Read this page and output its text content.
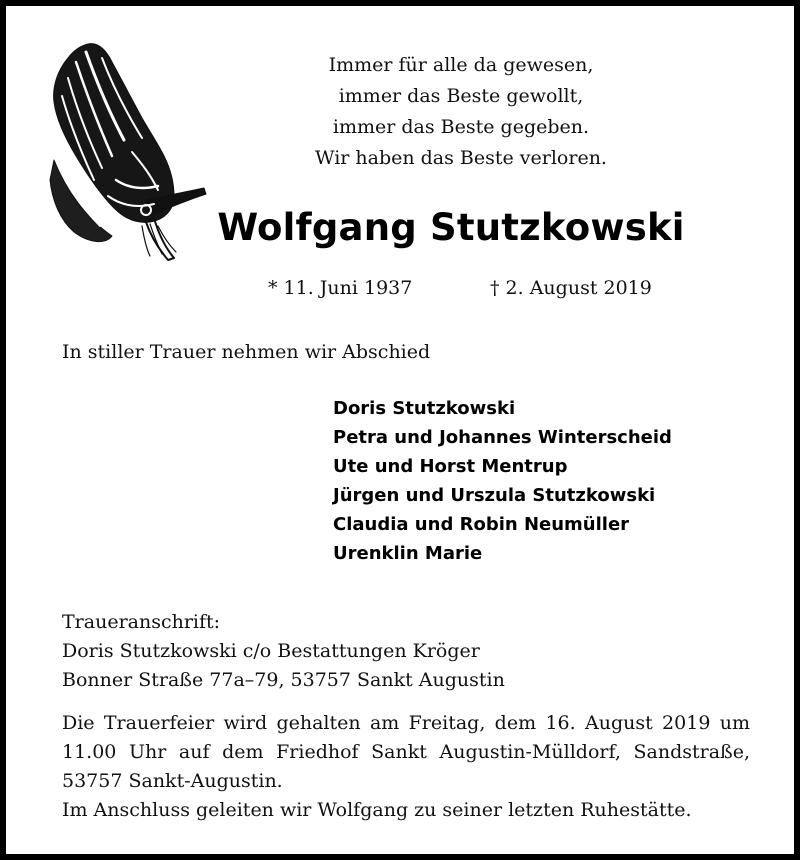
Immer für alle da gewesen,
immer das Beste gewollt,
immer das Beste gegeben.
Wir haben das Beste verloren.
Wolfgang Stutzkowski
* 11. Juni 1937	† 2. August 2019
In stiller Trauer nehmen wir Abschied
Doris Stutzkowski
Petra und Johannes Winterscheid
Ute und Horst Mentrup
Jürgen und Urszula Stutzkowski
Claudia und Robin Neumüller
Urenklin Marie
Traueranschrift:
Doris Stutzkowski c/o Bestattungen Kröger
Bonner Straße 77a–79, 53757 Sankt Augustin
Die Trauerfeier wird gehalten am Freitag, dem 16. August 2019 um 11.00 Uhr auf dem Friedhof Sankt Augustin-Mülldorf, Sandstraße, 53757 Sankt-Augustin.
Im Anschluss geleiten wir Wolfgang zu seiner letzten Ruhestätte.
